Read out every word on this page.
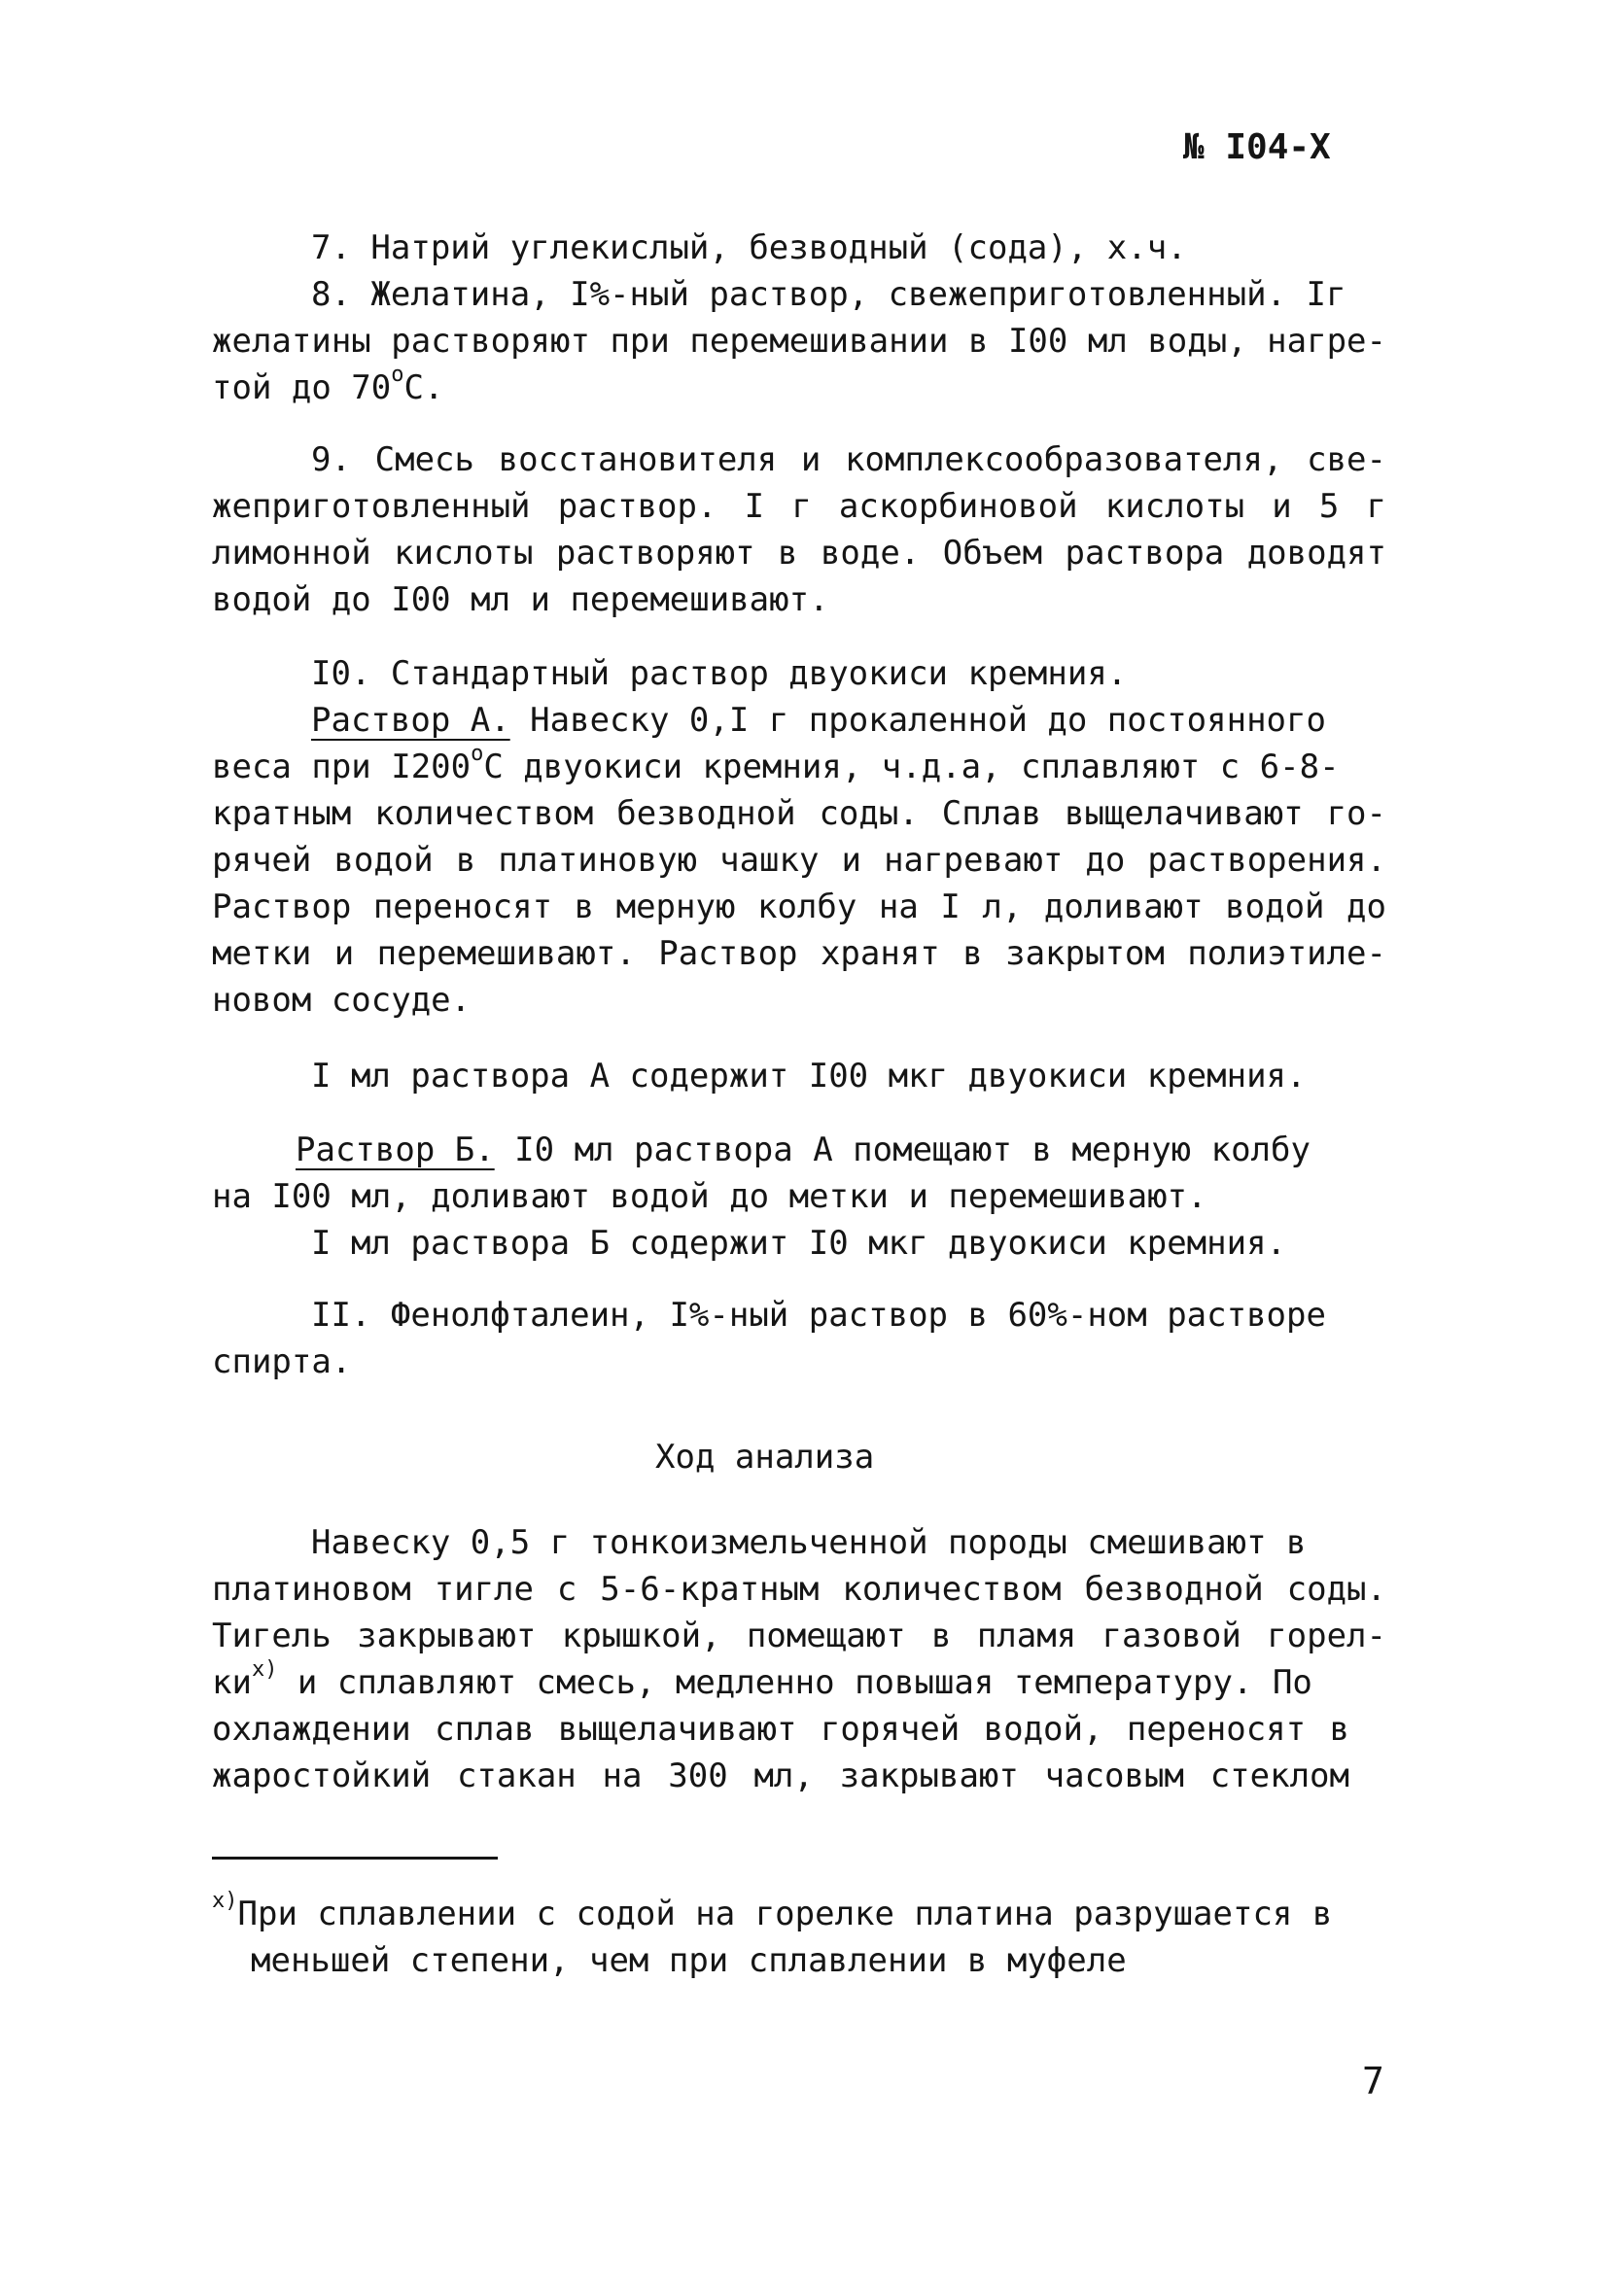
№ I04-X
7. Натрий углекислый, безводный (сода), х.ч.
8. Желатина, I%-ный раствор, свежеприготовленный. Iг
желатины растворяют при перемешивании в I00 мл воды, нагре-
той до $70^оС$.
9. Смесь восстановителя и комплексообразователя, све-
жеприготовленный раствор. I г аскорбиновой кислоты и 5 г
лимонной кислоты растворяют в воде. Объем раствора доводят
водой до I00 мл и перемешивают.
I0. Стандартный раствор двуокиси кремния.
Раствор А. Навеску 0,I г прокаленной до постоянного
веса при $I200^оС$ двуокиси кремния, ч.д.а, сплавляют с 6-8-
кратным количеством безводной соды. Сплав выщелачивают го-
рячей водой в платиновую чашку и нагревают до растворения.
Раствор переносят в мерную колбу на I л, доливают водой до
метки и перемешивают. Раствор хранят в закрытом полиэтиле-
новом сосуде.
I мл раствора А содержит I00 мкг двуокиси кремния.
Раствор Б. I0 мл раствора А помещают в мерную колбу
на I00 мл, доливают водой до метки и перемешивают.
I мл раствора Б содержит I0 мкг двуокиси кремния.
II. Фенолфталеин, I%-ный раствор в 60%-ном растворе
спирта.
Ход анализа
Навеску 0,5 г тонкоизмельченной породы смешивают в
платиновом тигле с 5-6-кратным количеством безводной соды.
Тигель закрывают крышкой, помещают в пламя газовой горел-
$ки^{х)}$ и сплавляют смесь, медленно повышая температуру. По
охлаждении сплав выщелачивают горячей водой, переносят в
жаростойкий стакан на 300 мл, закрывают часовым стеклом
$^{х)}$При сплавлении с содой на горелке платина разрушается в
меньшей степени, чем при сплавлении в муфеле
7
